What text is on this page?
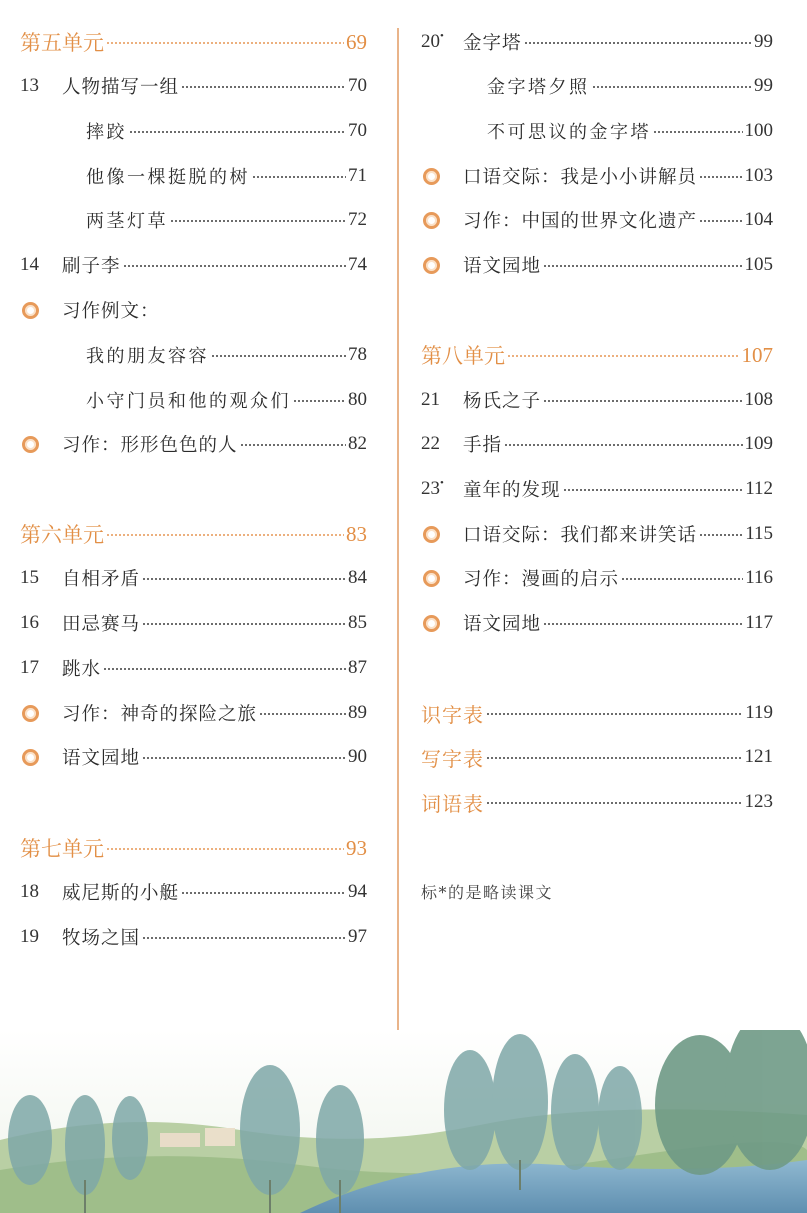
第五单元	69
13	人物描写一组	70
摔跤	70
他像一棵挺脱的树	71
两茎灯草	72
14	刷子李	74
习作例文：
我的朋友容容	78
小守门员和他的观众们	80
习作：形形色色的人	82
第六单元	83
15	自相矛盾	84
16	田忌赛马	85
17	跳水	87
习作：神奇的探险之旅	89
语文园地	90
第七单元	93
18	威尼斯的小艇	94
19	牧场之国	97
20•	金字塔	99
金字塔夕照	99
不可思议的金字塔	100
口语交际：我是小小讲解员 103
习作：中国的世界文化遗产 104
语文园地	105
第八单元	107
21	杨氏之子	108
22	手指	109
23•	童年的发现	112
口语交际：我们都来讲笑话	115
习作：漫画的启示	116
语文园地	117
识字表	119
写字表	121
词语表	123
标*的是略读课文
